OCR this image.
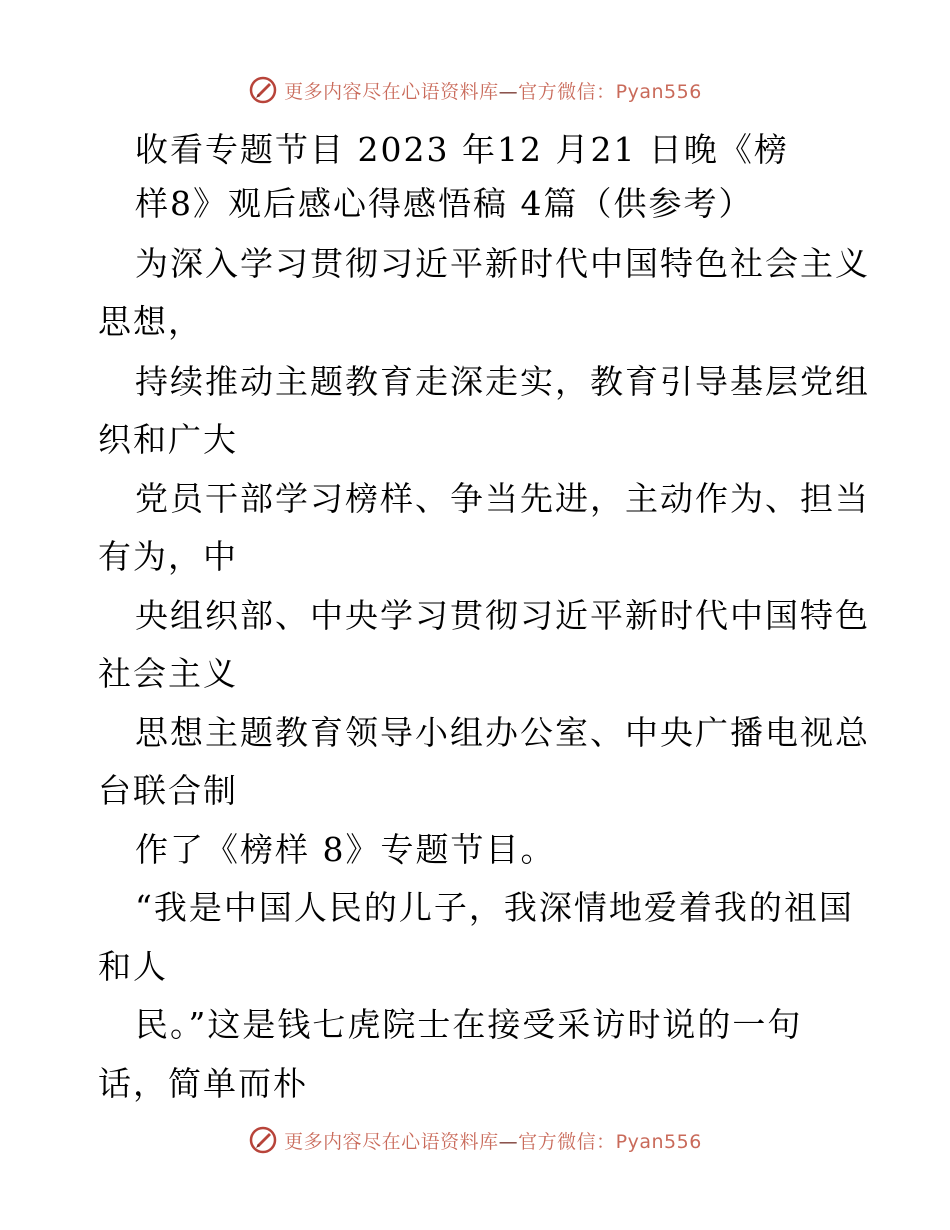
更多内容尽在心语资料库—官方微信：Pyan556
收看专题节目 2023 年12 月21 日晚《榜
样8》观后感心得感悟稿 4篇（供参考）
为深入学习贯彻习近平新时代中国特色社会主义
思想，
持续推动主题教育走深走实，教育引导基层党组
织和广大
党员干部学习榜样、争当先进，主动作为、担当
有为，中
央组织部、中央学习贯彻习近平新时代中国特色
社会主义
思想主题教育领导小组办公室、中央广播电视总
台联合制
作了《榜样 8》专题节目。
“我是中国人民的儿子，我深情地爱着我的祖国
和人
民。”这是钱七虎院士在接受采访时说的一句
话，简单而朴
更多内容尽在心语资料库—官方微信：Pyan556
